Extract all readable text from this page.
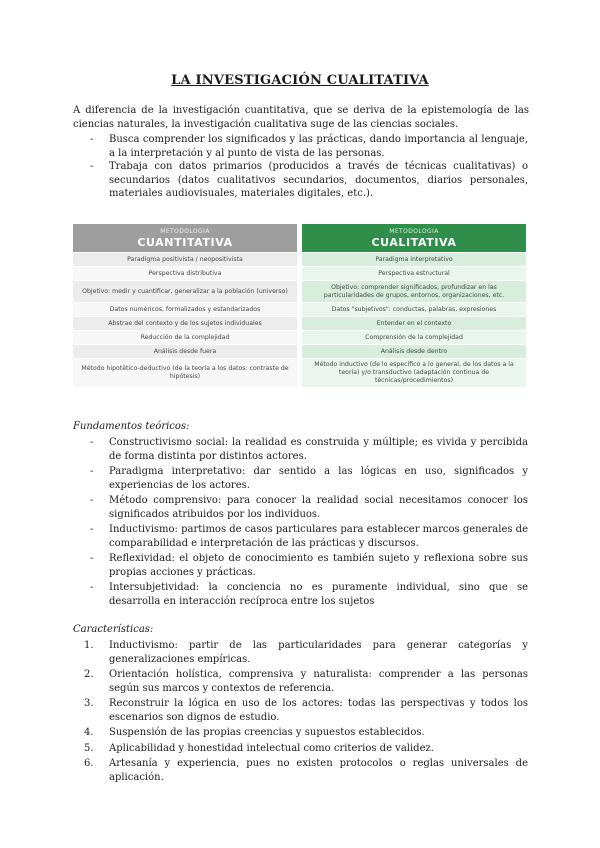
LA INVESTIGACIÓN CUALITATIVA
A diferencia de la investigación cuantitativa, que se deriva de la epistemología de las ciencias naturales, la investigación cualitativa suge de las ciencias sociales.
- Busca comprender los significados y las prácticas, dando importancia al lenguaje, a la interpretación y al punto de vista de las personas.
- Trabaja con datos primarios (producidos a través de técnicas cualitativas) o secundarios (datos cualitativos secundarios, documentos, diarios personales, materiales audiovisuales, materiales digitales, etc.).
METODOLOGÍA
CUANTITATIVA
Paradigma positivista / neopositivista
Perspectiva distributiva
Objetivo: medir y cuantificar, generalizar a la población (universo)
Datos numéricos, formalizados y estandarizados
Abstrae del contexto y de los sujetos individuales
Reducción de la complejidad
Análisis desde fuera
Método hipotético-deductivo (de la teoría a los datos: contraste de hipótesis)
METODOLOGÍA
CUALITATIVA
Paradigma interpretativo
Perspectiva estructural
Objetivo: comprender significados, profundizar en las particularidades de grupos, entornos, organizaciones, etc.
Datos "subjetivos": conductas, palabras, expresiones
Entender en el contexto
Comprensión de la complejidad
Análisis desde dentro
Método inductivo (de lo específico a lo general, de los datos a la teoría) y/o transductivo (adaptación continua de técnicas/procedimientos)
Fundamentos teóricos:
- Constructivismo social: la realidad es construida y múltiple; es vivida y percibida de forma distinta por distintos actores.
- Paradigma interpretativo: dar sentido a las lógicas en uso, significados y experiencias de los actores.
- Método comprensivo: para conocer la realidad social necesitamos conocer los significados atribuidos por los individuos.
- Inductivismo: partimos de casos particulares para establecer marcos generales de comparabilidad e interpretación de las prácticas y discursos.
- Reflexividad: el objeto de conocimiento es también sujeto y reflexiona sobre sus propias acciones y prácticas.
- Intersubjetividad: la conciencia no es puramente individual, sino que se desarrolla en interacción recíproca entre los sujetos
Características:
1. Inductivismo: partir de las particularidades para generar categorías y generalizaciones empíricas.
2. Orientación holística, comprensiva y naturalista: comprender a las personas según sus marcos y contextos de referencia.
3. Reconstruir la lógica en uso de los actores: todas las perspectivas y todos los escenarios son dignos de estudio.
4. Suspensión de las propias creencias y supuestos establecidos.
5. Aplicabilidad y honestidad intelectual como criterios de validez.
6. Artesanía y experiencia, pues no existen protocolos o reglas universales de aplicación.
